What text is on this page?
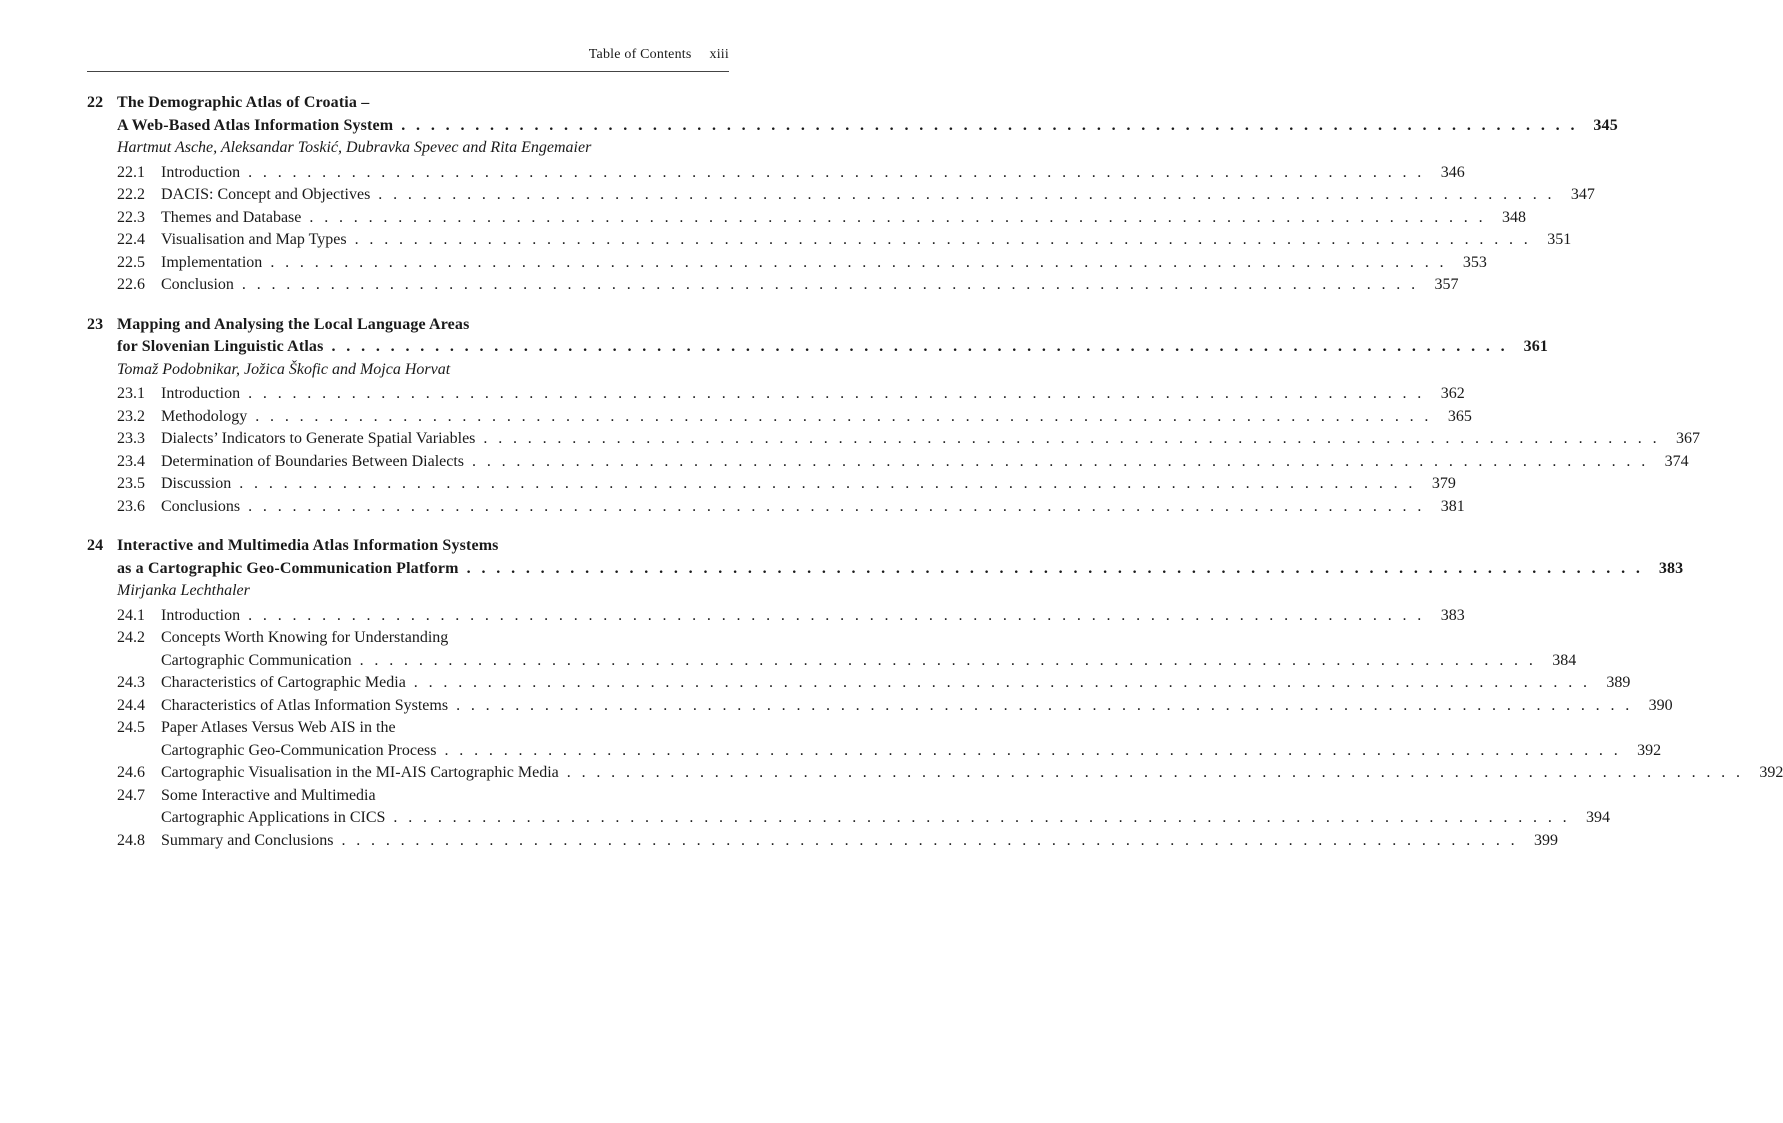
Table of Contents xiii
22 The Demographic Atlas of Croatia –
A Web-Based Atlas Information System . . . . . . . . . . . . . . . . . . . . . . . . . . . . . . . . . . . . . . . . . . . . . . . . . . . . . . . . . . . . . . . . . . . . . . . . . . . . . . . . 345
Hartmut Asche, Aleksandar Toskić, Dubravka Spevec and Rita Engemaier
22.1	Introduction . . . . . . . . . . . . . . . . . . . . . . . . . . . . . . . . . . . . . . . . . . . . . . . . . . . . . . . . . . . . . . . . . . . . . . . . . . . . . . . .	346
22.2	DACIS: Concept and Objectives . . . . . . . . . . . . . . . . . . . . . . . . . . . . . . . . . . . . . . . . . . . . . . . . . . . . . . . . . . . . . . . . . . . . . . . . . . . . . . . .	347
22.3	Themes and Database . . . . . . . . . . . . . . . . . . . . . . . . . . . . . . . . . . . . . . . . . . . . . . . . . . . . . . . . . . . . . . . . . . . . . . . . . . . . . . . .	348
22.4	Visualisation and Map Types . . . . . . . . . . . . . . . . . . . . . . . . . . . . . . . . . . . . . . . . . . . . . . . . . . . . . . . . . . . . . . . . . . . . . . . . . . . . . . . .	351
22.5	Implementation . . . . . . . . . . . . . . . . . . . . . . . . . . . . . . . . . . . . . . . . . . . . . . . . . . . . . . . . . . . . . . . . . . . . . . . . . . . . . . . .	353
22.6	Conclusion . . . . . . . . . . . . . . . . . . . . . . . . . . . . . . . . . . . . . . . . . . . . . . . . . . . . . . . . . . . . . . . . . . . . . . . . . . . . . . . .	357
23 Mapping and Analysing the Local Language Areas
for Slovenian Linguistic Atlas . . . . . . . . . . . . . . . . . . . . . . . . . . . . . . . . . . . . . . . . . . . . . . . . . . . . . . . . . . . . . . . . . . . . . . . . . . . . . . . . 361
Tomaž Podobnikar, Jožica Škofic and Mojca Horvat
23.1	Introduction . . . . . . . . . . . . . . . . . . . . . . . . . . . . . . . . . . . . . . . . . . . . . . . . . . . . . . . . . . . . . . . . . . . . . . . . . . . . . . . .	362
23.2	Methodology . . . . . . . . . . . . . . . . . . . . . . . . . . . . . . . . . . . . . . . . . . . . . . . . . . . . . . . . . . . . . . . . . . . . . . . . . . . . . . . .	365
23.3	Dialects’ Indicators to Generate Spatial Variables . . . . . . . . . . . . . . . . . . . . . . . . . . . . . . . . . . . . . . . . . . . . . . . . . . . . . . . . . . . . . . . . . . . . . . . . . . . . . . . .	367
23.4	Determination of Boundaries Between Dialects . . . . . . . . . . . . . . . . . . . . . . . . . . . . . . . . . . . . . . . . . . . . . . . . . . . . . . . . . . . . . . . . . . . . . . . . . . . . . . . .	374
23.5	Discussion . . . . . . . . . . . . . . . . . . . . . . . . . . . . . . . . . . . . . . . . . . . . . . . . . . . . . . . . . . . . . . . . . . . . . . . . . . . . . . . .	379
23.6	Conclusions . . . . . . . . . . . . . . . . . . . . . . . . . . . . . . . . . . . . . . . . . . . . . . . . . . . . . . . . . . . . . . . . . . . . . . . . . . . . . . . .	381
24 Interactive and Multimedia Atlas Information Systems
as a Cartographic Geo-Communication Platform . . . . . . . . . . . . . . . . . . . . . . . . . . . . . . . . . . . . . . . . . . . . . . . . . . . . . . . . . . . . . . . . . . . . . . . . . . . . . . . . 383
Mirjanka Lechthaler
24.1	Introduction . . . . . . . . . . . . . . . . . . . . . . . . . . . . . . . . . . . . . . . . . . . . . . . . . . . . . . . . . . . . . . . . . . . . . . . . . . . . . . . .	383
24.2	Concepts Worth Knowing for Understanding
Cartographic Communication . . . . . . . . . . . . . . . . . . . . . . . . . . . . . . . . . . . . . . . . . . . . . . . . . . . . . . . . . . . . . . . . . . . . . . . . . . . . . . . .	384
24.3	Characteristics of Cartographic Media . . . . . . . . . . . . . . . . . . . . . . . . . . . . . . . . . . . . . . . . . . . . . . . . . . . . . . . . . . . . . . . . . . . . . . . . . . . . . . . .	389
24.4	Characteristics of Atlas Information Systems . . . . . . . . . . . . . . . . . . . . . . . . . . . . . . . . . . . . . . . . . . . . . . . . . . . . . . . . . . . . . . . . . . . . . . . . . . . . . . . .	390
24.5	Paper Atlases Versus Web AIS in the
Cartographic Geo-Communication Process . . . . . . . . . . . . . . . . . . . . . . . . . . . . . . . . . . . . . . . . . . . . . . . . . . . . . . . . . . . . . . . . . . . . . . . . . . . . . . . .	392
24.6	Cartographic Visualisation in the MI-AIS Cartographic Media . . . . . . . . . . . . . . . . . . . . . . . . . . . . . . . . . . . . . . . . . . . . . . . . . . . . . . . . . . . . . . . . . . . . . . . . . . . . . . . .	392
24.7	Some Interactive and Multimedia
Cartographic Applications in CICS . . . . . . . . . . . . . . . . . . . . . . . . . . . . . . . . . . . . . . . . . . . . . . . . . . . . . . . . . . . . . . . . . . . . . . . . . . . . . . . .	394
24.8	Summary and Conclusions . . . . . . . . . . . . . . . . . . . . . . . . . . . . . . . . . . . . . . . . . . . . . . . . . . . . . . . . . . . . . . . . . . . . . . . . . . . . . . . .	399
